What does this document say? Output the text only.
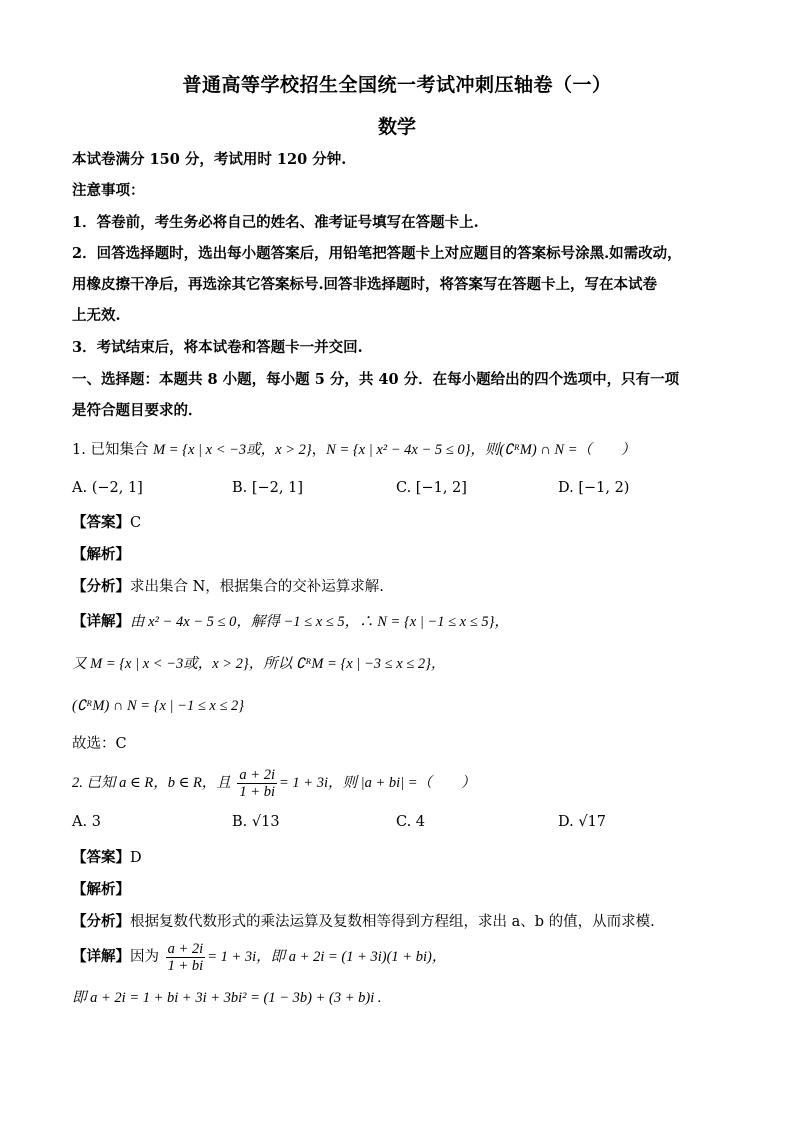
普通高等学校招生全国统一考试冲刺压轴卷（一）
数学
本试卷满分 150 分，考试用时 120 分钟.
注意事项：
1．答卷前，考生务必将自己的姓名、准考证号填写在答题卡上.
2．回答选择题时，选出每小题答案后，用铅笔把答题卡上对应题目的答案标号涂黑.如需改动，
用橡皮擦干净后，再选涂其它答案标号.回答非选择题时，将答案写在答题卡上，写在本试卷
上无效.
3．考试结束后，将本试卷和答题卡一并交回.
一、选择题：本题共 8 小题，每小题 5 分，共 40 分．在每小题给出的四个选项中，只有一项
是符合题目要求的．
1. 已知集合 M = {x | x < −3或，x > 2}，N = {x | x² − 4x − 5 ≤ 0}，则(∁ᴿM) ∩ N =（　　）
A. (−2, 1]	B. [−2, 1]	C. [−1, 2]	D. [−1, 2)
【答案】C
【解析】
【分析】求出集合 N，根据集合的交补运算求解.
【详解】由 x² − 4x − 5 ≤ 0，解得 −1 ≤ x ≤ 5，∴ N = {x | −1 ≤ x ≤ 5}，
又 M = {x | x < −3或，x > 2}，所以 ∁ᴿM = {x | −3 ≤ x ≤ 2}，
(∁ᴿM) ∩ N = {x | −1 ≤ x ≤ 2}
故选：C
2. 已知 a ∈ R，b ∈ R，且 $\frac{a + 2i}{1 + bi} = 1 + 3i$，则 |a + bi| =（　　）
A. 3	B. √13	C. 4	D. √17
【答案】D
【解析】
【分析】根据复数代数形式的乘法运算及复数相等得到方程组，求出 a、b 的值，从而求模.
【详解】因为 $\frac{a + 2i}{1 + bi} = 1 + 3i$，即 a + 2i = (1 + 3i)(1 + bi)，
即 a + 2i = 1 + bi + 3i + 3bi² = (1 − 3b) + (3 + b)i .
